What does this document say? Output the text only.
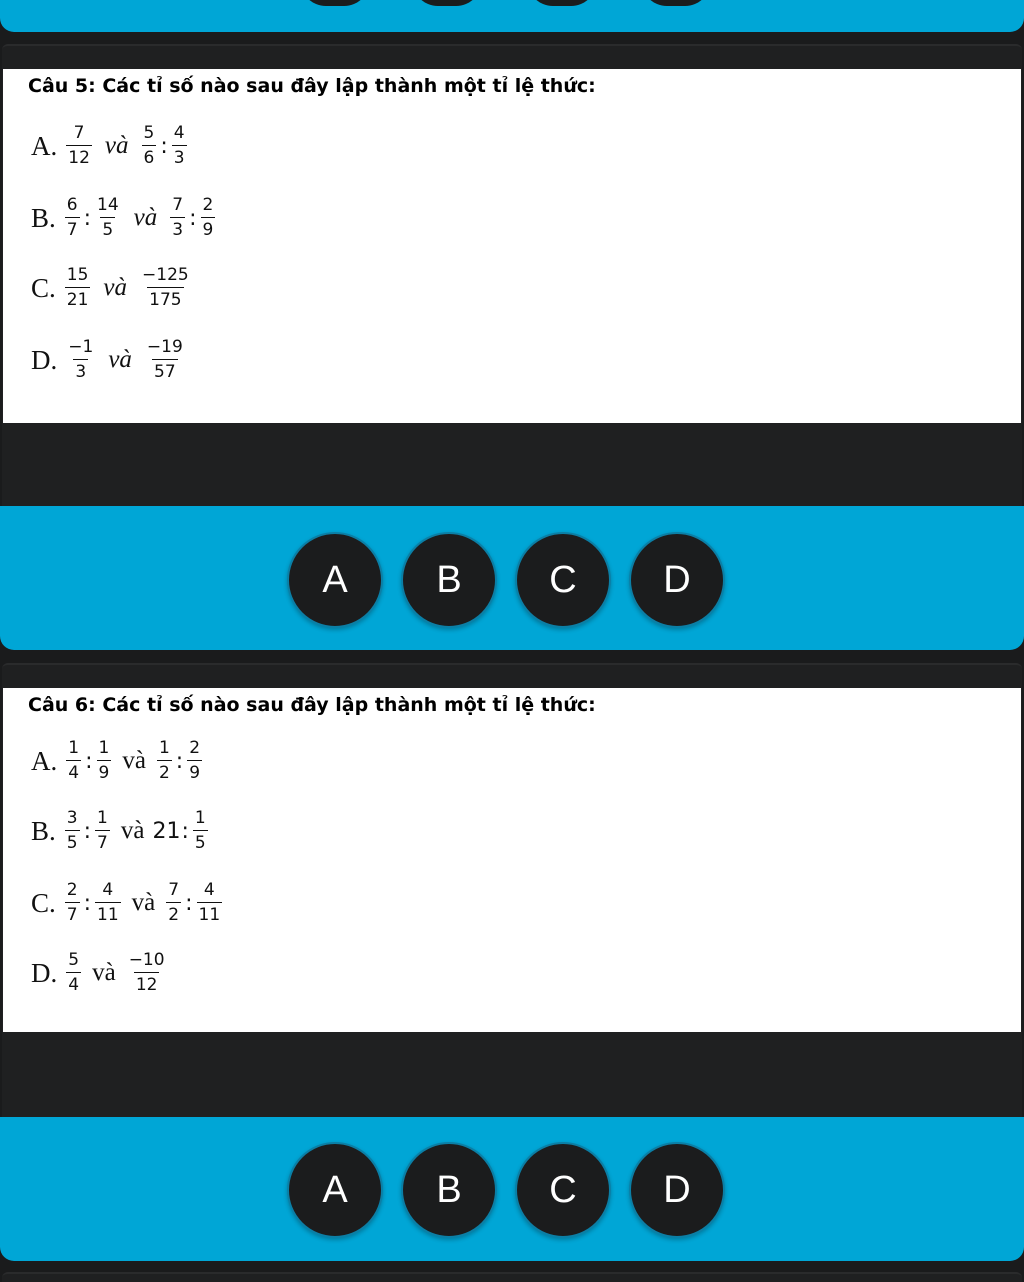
Câu 5: Các tỉ số nào sau đây lập thành một tỉ lệ thức:
A. $\frac{7}{12}$ và $\frac{5}{6}$ : $\frac{4}{3}$
B. $\frac{6}{7}$ : $\frac{14}{5}$ và $\frac{7}{3}$ : $\frac{2}{9}$
C. $\frac{15}{21}$ và $\frac{-125}{175}$
D. $\frac{-1}{3}$ và $\frac{-19}{57}$
A	B	C	D
Câu 6: Các tỉ số nào sau đây lập thành một tỉ lệ thức:
A. $\frac{1}{4}$ : $\frac{1}{9}$ và $\frac{1}{2}$ : $\frac{2}{9}$
B. $\frac{3}{5}$ : $\frac{1}{7}$ và 21 : $\frac{1}{5}$
C. $\frac{2}{7}$ : $\frac{4}{11}$ và $\frac{7}{2}$ : $\frac{4}{11}$
D. $\frac{5}{4}$ và $\frac{-10}{12}$
A	B	C	D
